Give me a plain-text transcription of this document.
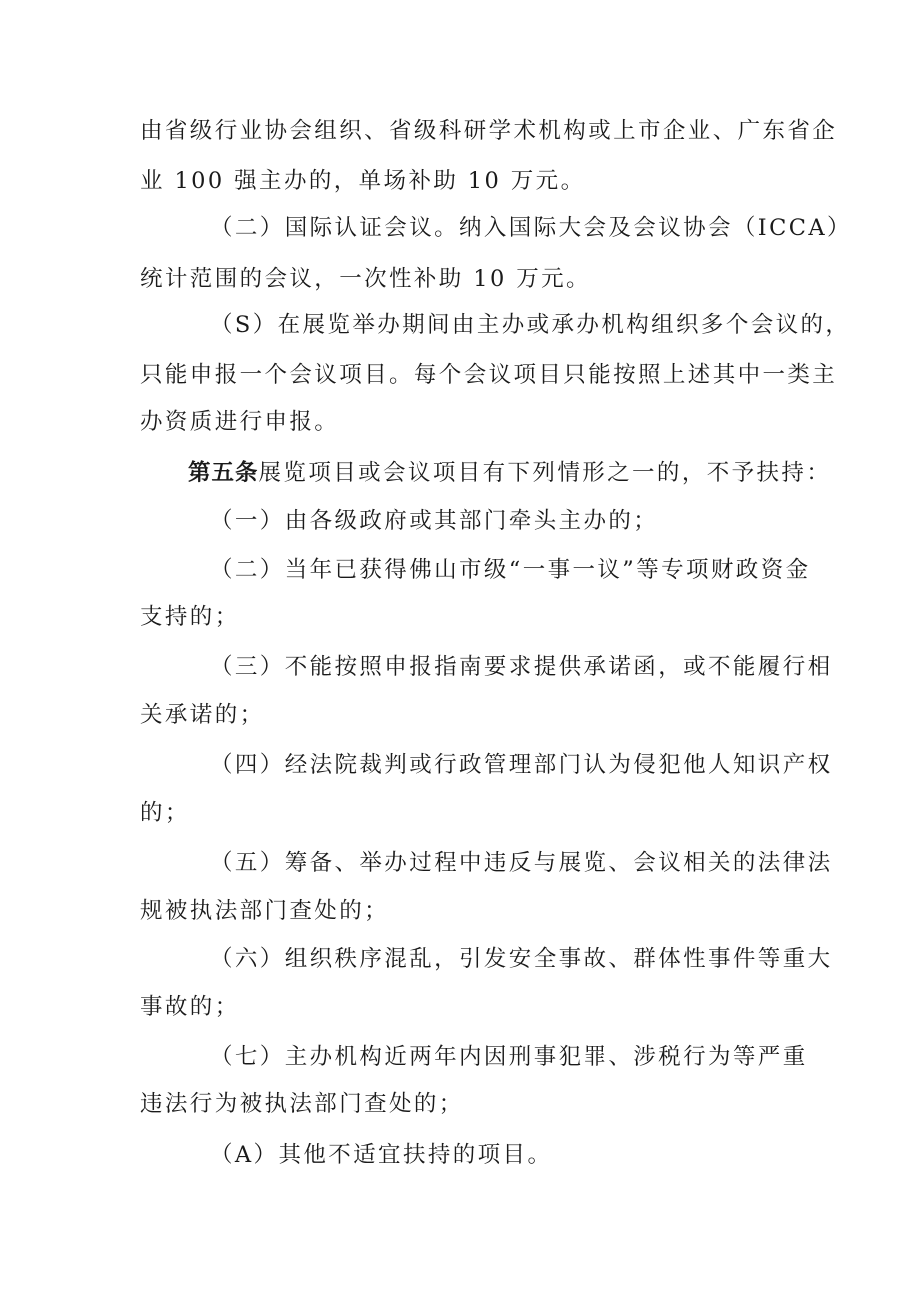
由省级行业协会组织、省级科研学术机构或上市企业、广东省企
业 100 强主办的，单场补助 10 万元。
（二）国际认证会议。纳入国际大会及会议协会（ICCA）
统计范围的会议，一次性补助 10 万元。
（S）在展览举办期间由主办或承办机构组织多个会议的，
只能申报一个会议项目。每个会议项目只能按照上述其中一类主
办资质进行申报。
第五条展览项目或会议项目有下列情形之一的，不予扶持：
（一）由各级政府或其部门牵头主办的；
（二）当年已获得佛山市级“一事一议”等专项财政资金
支持的；
（三）不能按照申报指南要求提供承诺函，或不能履行相
关承诺的；
（四）经法院裁判或行政管理部门认为侵犯他人知识产权
的；
（五）筹备、举办过程中违反与展览、会议相关的法律法
规被执法部门查处的；
（六）组织秩序混乱，引发安全事故、群体性事件等重大
事故的；
（七）主办机构近两年内因刑事犯罪、涉税行为等严重
违法行为被执法部门查处的；
（A）其他不适宜扶持的项目。
